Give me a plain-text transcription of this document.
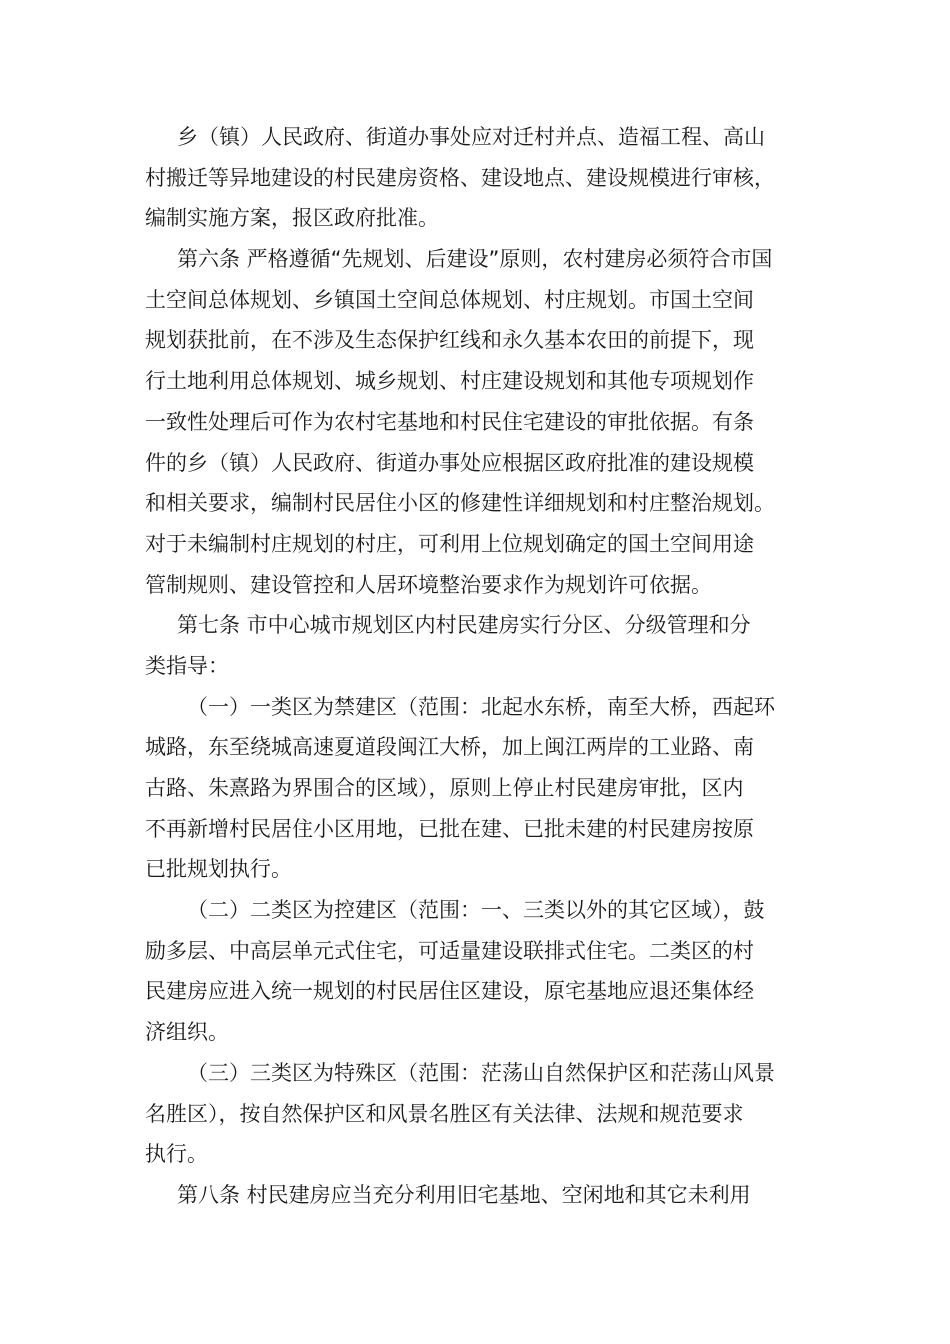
乡（镇）人民政府、街道办事处应对迁村并点、造福工程、高山
村搬迁等异地建设的村民建房资格、建设地点、建设规模进行审核，
编制实施方案，报区政府批准。
第六条 严格遵循“先规划、后建设”原则，农村建房必须符合市国
土空间总体规划、乡镇国土空间总体规划、村庄规划。市国土空间
规划获批前，在不涉及生态保护红线和永久基本农田的前提下，现
行土地利用总体规划、城乡规划、村庄建设规划和其他专项规划作
一致性处理后可作为农村宅基地和村民住宅建设的审批依据。有条
件的乡（镇）人民政府、街道办事处应根据区政府批准的建设规模
和相关要求，编制村民居住小区的修建性详细规划和村庄整治规划。
对于未编制村庄规划的村庄，可利用上位规划确定的国土空间用途
管制规则、建设管控和人居环境整治要求作为规划许可依据。
第七条 市中心城市规划区内村民建房实行分区、分级管理和分
类指导：
（一）一类区为禁建区（范围：北起水东桥，南至大桥，西起环
城路，东至绕城高速夏道段闽江大桥，加上闽江两岸的工业路、南
古路、朱熹路为界围合的区域），原则上停止村民建房审批，区内
不再新增村民居住小区用地，已批在建、已批未建的村民建房按原
已批规划执行。
（二）二类区为控建区（范围：一、三类以外的其它区域），鼓
励多层、中高层单元式住宅，可适量建设联排式住宅。二类区的村
民建房应进入统一规划的村民居住区建设，原宅基地应退还集体经
济组织。
（三）三类区为特殊区（范围：茫荡山自然保护区和茫荡山风景
名胜区），按自然保护区和风景名胜区有关法律、法规和规范要求
执行。
第八条 村民建房应当充分利用旧宅基地、空闲地和其它未利用
